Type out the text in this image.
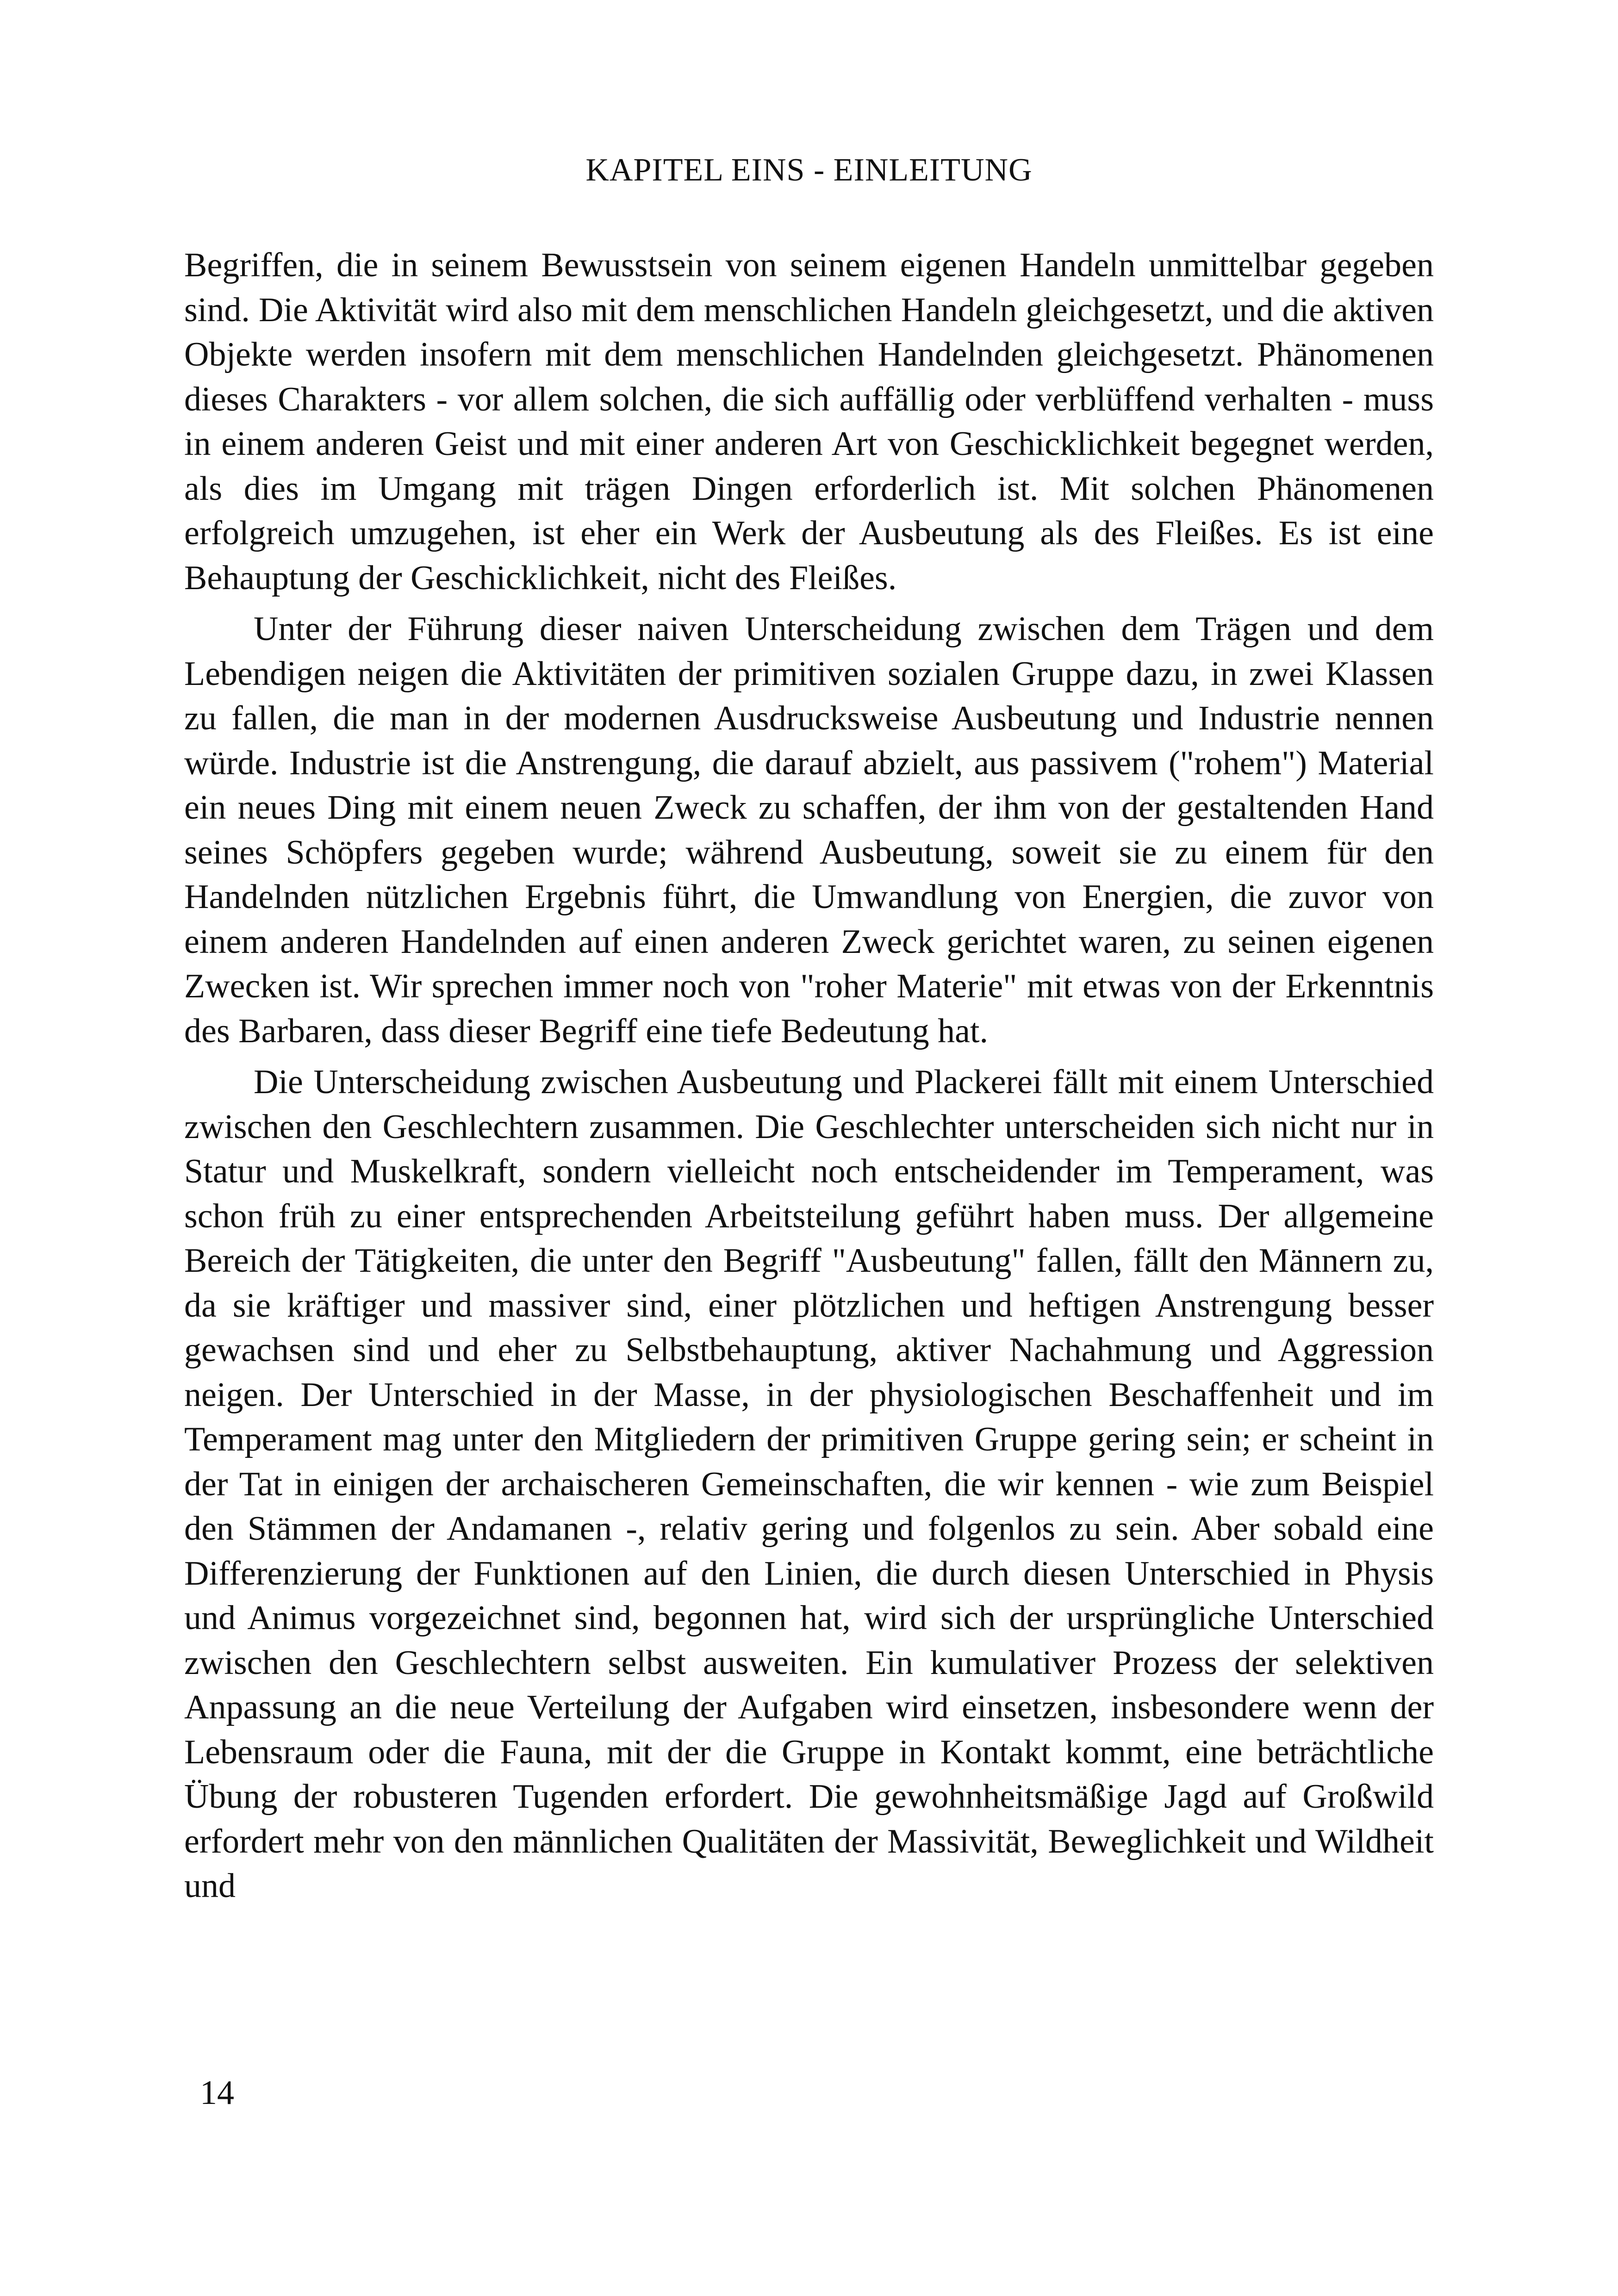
KAPITEL EINS - EINLEITUNG

Begriffen, die in seinem Bewusstsein von seinem eigenen Handeln unmittelbar gegeben sind. Die Aktivität wird also mit dem menschlichen Handeln gleichgesetzt, und die aktiven Objekte werden insofern mit dem menschlichen Handelnden gleichgesetzt. Phänomenen dieses Charakters - vor allem solchen, die sich auffällig oder verblüffend verhalten - muss in einem anderen Geist und mit einer anderen Art von Geschicklichkeit begegnet werden, als dies im Umgang mit trägen Dingen erforderlich ist. Mit solchen Phänomenen erfolgreich umzugehen, ist eher ein Werk der Ausbeutung als des Fleißes. Es ist eine Behauptung der Geschicklichkeit, nicht des Fleißes.

Unter der Führung dieser naiven Unterscheidung zwischen dem Trägen und dem Lebendigen neigen die Aktivitäten der primitiven sozialen Gruppe dazu, in zwei Klassen zu fallen, die man in der modernen Ausdrucksweise Ausbeutung und Industrie nennen würde. Industrie ist die Anstrengung, die darauf abzielt, aus passivem ("rohem") Material ein neues Ding mit einem neuen Zweck zu schaffen, der ihm von der gestaltenden Hand seines Schöpfers gegeben wurde; während Ausbeutung, soweit sie zu einem für den Handelnden nützlichen Ergebnis führt, die Umwandlung von Energien, die zuvor von einem anderen Handelnden auf einen anderen Zweck gerichtet waren, zu seinen eigenen Zwecken ist. Wir sprechen immer noch von "roher Materie" mit etwas von der Erkenntnis des Barbaren, dass dieser Begriff eine tiefe Bedeutung hat.

Die Unterscheidung zwischen Ausbeutung und Plackerei fällt mit einem Unterschied zwischen den Geschlechtern zusammen. Die Geschlechter unterscheiden sich nicht nur in Statur und Muskelkraft, sondern vielleicht noch entscheidender im Temperament, was schon früh zu einer entsprechenden Arbeitsteilung geführt haben muss. Der allgemeine Bereich der Tätigkeiten, die unter den Begriff "Ausbeutung" fallen, fällt den Männern zu, da sie kräftiger und massiver sind, einer plötzlichen und heftigen Anstrengung besser gewachsen sind und eher zu Selbstbehauptung, aktiver Nachahmung und Aggression neigen. Der Unterschied in der Masse, in der physiologischen Beschaffenheit und im Temperament mag unter den Mitgliedern der primitiven Gruppe gering sein; er scheint in der Tat in einigen der archaischeren Gemeinschaften, die wir kennen - wie zum Beispiel den Stämmen der Andamanen -, relativ gering und folgenlos zu sein. Aber sobald eine Differenzierung der Funktionen auf den Linien, die durch diesen Unterschied in Physis und Animus vorgezeichnet sind, begonnen hat, wird sich der ursprüngliche Unterschied zwischen den Geschlechtern selbst ausweiten. Ein kumulativer Prozess der selektiven Anpassung an die neue Verteilung der Aufgaben wird einsetzen, insbesondere wenn der Lebensraum oder die Fauna, mit der die Gruppe in Kontakt kommt, eine beträchtliche Übung der robusteren Tugenden erfordert. Die gewohnheitsmäßige Jagd auf Großwild erfordert mehr von den männlichen Qualitäten der Massivität, Beweglichkeit und Wildheit und

14
